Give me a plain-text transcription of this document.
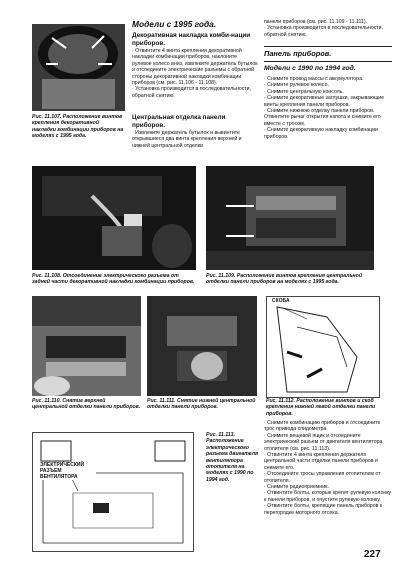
Рис. 11.107. Расположение винтов крепления декоративной накладки комбинации приборов на моделях с 1995 года.
Модели с 1995 года.
Декоративная накладка комби-нации приборов.

· Отвинтите 4 винта крепления декоративной накладки комбинации приборов, наклоните рулевое колесо вниз, извлеките держатель бутылок и отсоедините электрические разъемы с обратной стороны декоративной накладки комбинации приборов (см. рис. 11.106 - 11.108).

· Установка производится в последовательности, обратной снятию.

Центральная отделка панели приборов.

· Извлеките держатель бутылок и вывинтите открывшиеся два винта крепления верхней и нижней центральной отделки

панели приборов (см. рис. 11.109 - 11.111).

· Установка производится в последовательности, обратной снятию.

Панель приборов.
Модели с 1990 по 1994 год.

· Снимите провод массы с аккумулятора.

· Снимите рулевое колесо.

· Снимите центральную консоль.

· Снимите декоративные заглушки, закрывающие винты крепления панели приборов.

· Снимите нижнюю отделку панели приборов. Отвинтите рычаг открытия капота и снимите его вместе с тросом.

· Снимите декоративную накладку комбинации приборов.

Рис. 11.108. Отсоединение электрического разъема от задней части декоративной накладки комбинации приборов.
Рис. 11.109. Расположение винтов крепления центральной отделки панели приборов на моделях с 1995 года.
Рис. 11.110. Снятие верхней центральной отделки панели приборов.
Рис. 11.111. Снятие нижней центральной отделки панели приборов.
СКОБА
Рис. 11.112. Расположение винтов и скоб крепления нижней левой отделки панели приборов.
ЭЛЕКТРИЧЕСКИЙ РАЗЪЕМ ВЕНТИЛЯТОРА
Рис. 11.113. Расположение электрического разъема двигателя вентилятора отопителя на моделях с 1990 по 1994 год.

· Снимите комбинацию приборов и отсоедините трос привода спидометра.

· Снимите вещевой ящик и отсоедините электрический разъем от двигателя вентилятора отопителя (см. рис. 11.113).

· Отвинтите 4 винта крепления держателя центральной части отделки панели приборов и снимите его.

· Отсоедините тросы управления отопителем от отопителя.

· Снимите радиоприемник.

· Отвинтите болты, которые крепят рулевую колонку к панели приборов, и опустите рулевую колонку.

· Отвинтите болты, крепящие панель приборов к перегородке моторного отсека.

227
